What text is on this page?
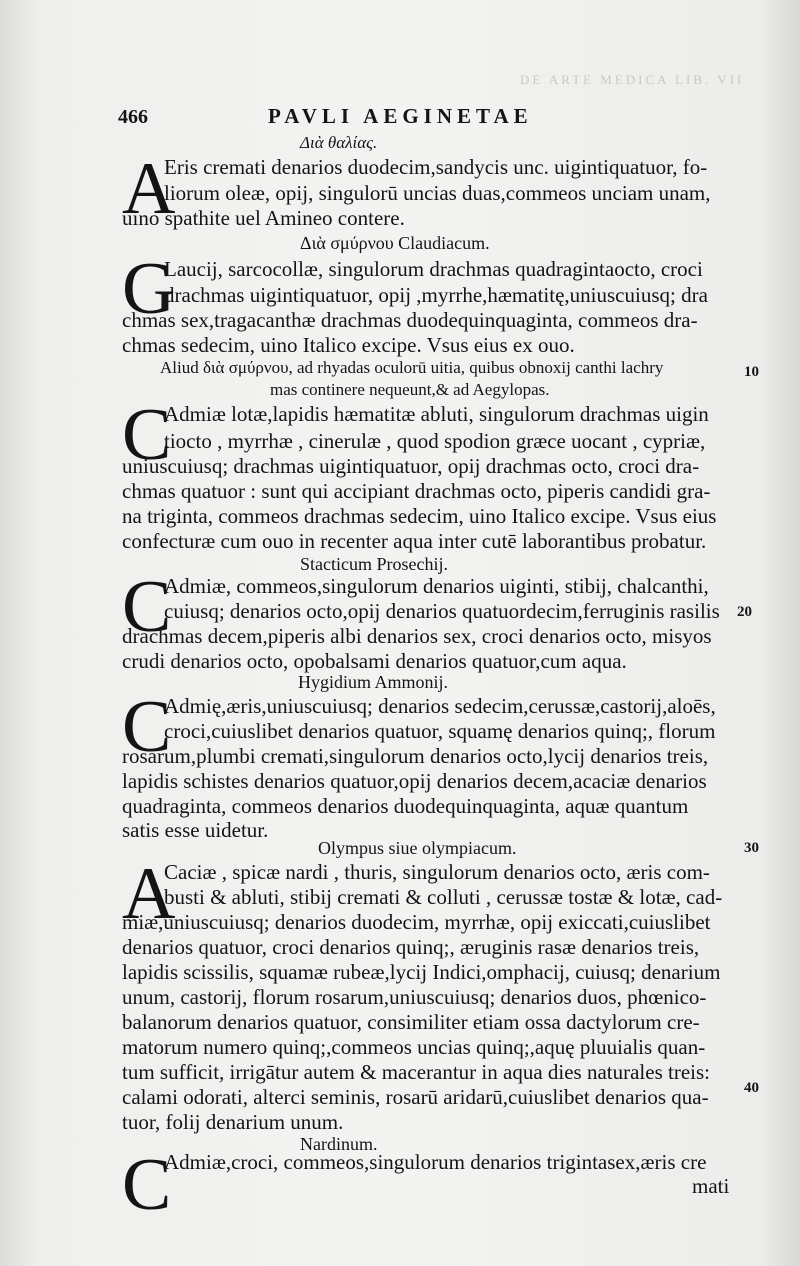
DE ARTE MEDICA LIB. VII
466	PAVLI AEGINETAE
Διὰ θαλίας.
A
Eris cremati denarios duodecim,sandycis unc. uigintiquatuor, fo-
liorum oleæ, opij, singulorū uncias duas,commeos unciam unam,
uino spathite uel Amineo contere.
Διὰ σμύρνου Claudiacum.
G
Laucij, sarcocollæ, singulorum drachmas quadragintaocto, croci
drachmas uigintiquatuor, opij ,myrrhe,hæmatitę,uniuscuiusq; dra
chmas sex,tragacanthæ drachmas duodequinquaginta, commeos dra-
chmas sedecim, uino Italico excipe. Vsus eius ex ouo.
Aliud διὰ σμύρνου, ad rhyadas oculorū uitia, quibus obnoxij canthi lachry
mas continere nequeunt,& ad Aegylopas.
C
Admiæ lotæ,lapidis hæmatitæ abluti, singulorum drachmas uigin
tiocto , myrrhæ , cinerulæ , quod spodion græce uocant , cypriæ,
uniuscuiusq; drachmas uigintiquatuor, opij drachmas octo, croci dra-
chmas quatuor : sunt qui accipiant drachmas octo, piperis candidi gra-
na triginta, commeos drachmas sedecim, uino Italico excipe. Vsus eius
confecturæ cum ouo in recenter aqua inter cutē laborantibus probatur.
Stacticum Prosechij.
C
Admiæ, commeos,singulorum denarios uiginti, stibij, chalcanthi,
cuiusq; denarios octo,opij denarios quatuordecim,ferruginis rasilis
drachmas decem,piperis albi denarios sex, croci denarios octo, misyos
crudi denarios octo, opobalsami denarios quatuor,cum aqua.
Hygidium Ammonij.
C
Admię,æris,uniuscuiusq; denarios sedecim,cerussæ,castorij,aloēs,
croci,cuiuslibet denarios quatuor, squamę denarios quinq;, florum
rosarum,plumbi cremati,singulorum denarios octo,lycij denarios treis,
lapidis schistes denarios quatuor,opij denarios decem,acaciæ denarios
quadraginta, commeos denarios duodequinquaginta, aquæ quantum
satis esse uidetur.
Olympus siue olympiacum.
A
Caciæ , spicæ nardi , thuris, singulorum denarios octo, æris com-
busti & abluti, stibij cremati & colluti , cerussæ tostæ & lotæ, cad-
miæ,uniuscuiusq; denarios duodecim, myrrhæ, opij exiccati,cuiuslibet
denarios quatuor, croci denarios quinq;, æruginis rasæ denarios treis,
lapidis scissilis, squamæ rubeæ,lycij Indici,omphacij, cuiusq; denarium
unum, castorij, florum rosarum,uniuscuiusq; denarios duos, phœnico-
balanorum denarios quatuor, consimiliter etiam ossa dactylorum cre-
matorum numero quinq;,commeos uncias quinq;,aquę pluuialis quan-
tum sufficit, irrigātur autem & macerantur in aqua dies naturales treis:
calami odorati, alterci seminis, rosarū aridarū,cuiuslibet denarios qua-
tuor, folij denarium unum.
Nardinum.
C
Admiæ,croci, commeos,singulorum denarios trigintasex,æris cre
mati
10
20
30
40
